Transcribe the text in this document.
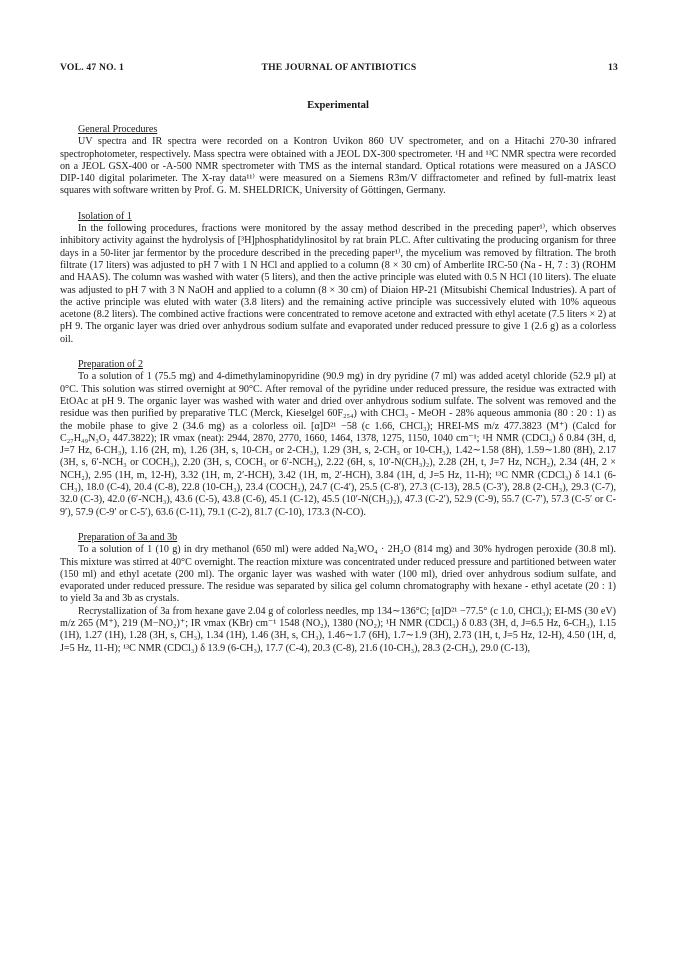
VOL. 47 NO. 1	THE JOURNAL OF ANTIBIOTICS	13
Experimental
General Procedures

UV spectra and IR spectra were recorded on a Kontron Uvikon 860 UV spectrometer, and on a Hitachi 270-30 infrared spectrophotometer, respectively. Mass spectra were obtained with a JEOL DX-300 spectrometer. ¹H and ¹³C NMR spectra were recorded on a JEOL GSX-400 or -A-500 NMR spectrometer with TMS as the internal standard. Optical rotations were measured on a JASCO DIP-140 digital polarimeter. The X-ray data¹¹⁾ were measured on a Siemens R3m/V diffractometer and refined by full-matrix least squares with software written by Prof. G. M. SHELDRICK, University of Göttingen, Germany.

Isolation of 1

In the following procedures, fractions were monitored by the assay method described in the preceding paper¹⁾, which observes inhibitory activity against the hydrolysis of [³H]phosphatidylinositol by rat brain PLC. After cultivating the producing organism for three days in a 50-liter jar fermentor by the procedure described in the preceding paper¹⁾, the mycelium was removed by filtration. The broth filtrate (17 liters) was adjusted to pH 7 with 1 N HCl and applied to a column (8 × 30 cm) of Amberlite IRC-50 (Na - H, 7 : 3) (ROHM and HAAS). The column was washed with water (5 liters), and then the active principle was eluted with 0.5 N HCl (10 liters). The eluate was adjusted to pH 7 with 3 N NaOH and applied to a column (8 × 30 cm) of Diaion HP-21 (Mitsubishi Chemical Industries). A part of the active principle was eluted with water (3.8 liters) and the remaining active principle was successively eluted with 10% aqueous acetone (8.2 liters). The combined active fractions were concentrated to remove acetone and extracted with ethyl acetate (7.5 liters × 2) at pH 9. The organic layer was dried over anhydrous sodium sulfate and evaporated under reduced pressure to give 1 (2.6 g) as a colorless oil.

Preparation of 2

To a solution of 1 (75.5 mg) and 4-dimethylaminopyridine (90.9 mg) in dry pyridine (7 ml) was added acetyl chloride (52.9 μl) at 0°C. This solution was stirred overnight at 90°C. After removal of the pyridine under reduced pressure, the residue was extracted with EtOAc at pH 9. The organic layer was washed with water and dried over anhydrous sodium sulfate. The solvent was removed and the residue was then purified by preparative TLC (Merck, Kieselgel 60F₂₅₄) with CHCl₃ - MeOH - 28% aqueous ammonia (80 : 20 : 1) as the mobile phase to give 2 (34.6 mg) as a colorless oil. [α]D²¹ −58 (c 1.66, CHCl₃); HREI-MS m/z 477.3823 (M⁺) (Calcd for C₂₇H₄₉N₃O₂ 447.3822); IR νmax (neat): 2944, 2870, 2770, 1660, 1464, 1378, 1275, 1150, 1040 cm⁻¹; ¹H NMR (CDCl₃) δ 0.84 (3H, d, J=7 Hz, 6-CH₃), 1.16 (2H, m), 1.26 (3H, s, 10-CH₃ or 2-CH₃), 1.29 (3H, s, 2-CH₃ or 10-CH₃), 1.42∼1.58 (8H), 1.59∼1.80 (8H), 2.17 (3H, s, 6′-NCH₃ or COCH₃), 2.20 (3H, s, COCH₃ or 6′-NCH₃), 2.22 (6H, s, 10′-N(CH₃)₂), 2.28 (2H, t, J=7 Hz, NCH₂), 2.34 (4H, 2 × NCH₂), 2.95 (1H, m, 12-H), 3.32 (1H, m, 2′-HCH), 3.42 (1H, m, 2′-HCH), 3.84 (1H, d, J=5 Hz, 11-H); ¹³C NMR (CDCl₃) δ 14.1 (6-CH₃), 18.0 (C-4), 20.4 (C-8), 22.8 (10-CH₃), 23.4 (COCH₃), 24.7 (C-4′), 25.5 (C-8′), 27.3 (C-13), 28.5 (C-3′), 28.8 (2-CH₃), 29.3 (C-7), 32.0 (C-3), 42.0 (6′-NCH₃), 43.6 (C-5), 43.8 (C-6), 45.1 (C-12), 45.5 (10′-N(CH₃)₂), 47.3 (C-2′), 52.9 (C-9), 55.7 (C-7′), 57.3 (C-5′ or C-9′), 57.9 (C-9′ or C-5′), 63.6 (C-11), 79.1 (C-2), 81.7 (C-10), 173.3 (N-CO).

Preparation of 3a and 3b

To a solution of 1 (10 g) in dry methanol (650 ml) were added Na₂WO₄ · 2H₂O (814 mg) and 30% hydrogen peroxide (30.8 ml). This mixture was stirred at 40°C overnight. The reaction mixture was concentrated under reduced pressure and partitioned between water (150 ml) and ethyl acetate (200 ml). The organic layer was washed with water (100 ml), dried over anhydrous sodium sulfate, and evaporated under reduced pressure. The residue was separated by silica gel column chromatography with hexane - ethyl acetate (20 : 1) to yield 3a and 3b as crystals.

Recrystallization of 3a from hexane gave 2.04 g of colorless needles, mp 134∼136°C; [α]D²¹ −77.5° (c 1.0, CHCl₃); EI-MS (30 eV) m/z 265 (M⁺), 219 (M−NO₂)⁺; IR νmax (KBr) cm⁻¹ 1548 (NO₂), 1380 (NO₂); ¹H NMR (CDCl₃) δ 0.83 (3H, d, J=6.5 Hz, 6-CH₃), 1.15 (1H), 1.27 (1H), 1.28 (3H, s, CH₃), 1.34 (1H), 1.46 (3H, s, CH₃), 1.46∼1.7 (6H), 1.7∼1.9 (3H), 2.73 (1H, t, J=5 Hz, 12-H), 4.50 (1H, d, J=5 Hz, 11-H); ¹³C NMR (CDCl₃) δ 13.9 (6-CH₃), 17.7 (C-4), 20.3 (C-8), 21.6 (10-CH₃), 28.3 (2-CH₃), 29.0 (C-13),
